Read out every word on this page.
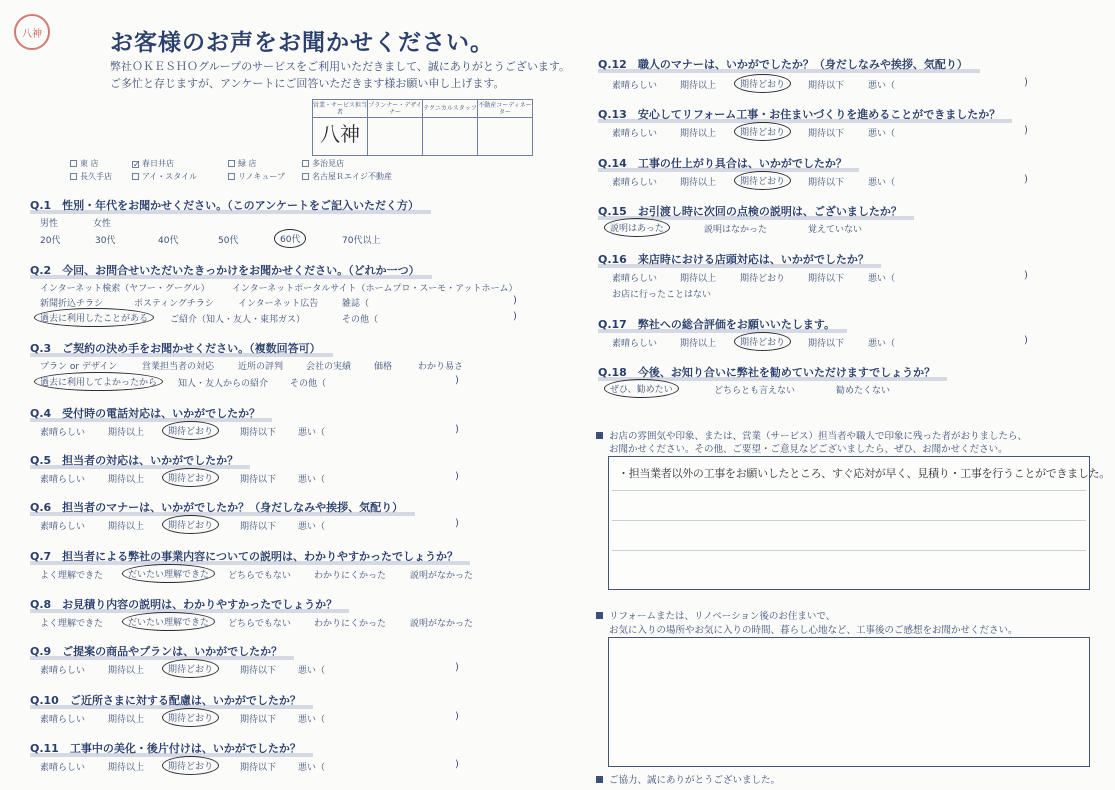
八神	お客様のお声をお聞かせください。
弊社ＯＫＥＳＨＯグループのサービスをご利用いただきまして、誠にありがとうございます。
ご多忙と存じますが、アンケートにご回答いただきます様お願い申し上げます。
営業・サービス担当者	プランナー・デザイナー	テクニカルスタッフ	不動産コーディネーター
八神			
東 店	✓ 春日井店	緑 店	多治見店
長久手店	アイ・スタイル	リノキューブ	名古屋Ｒエイジ不動産
Q.1　性別・年代をお聞かせください。（このアンケートをご記入いただく方）
男性	女性
20代	30代	40代	50代	60代	70代以上
Q.2　今回、お問合せいただいたきっかけをお聞かせください。（どれか一つ）
インターネット検索（ヤフー・グーグル） インターネットポータルサイト（ホームプロ・スーモ・アットホーム）
新聞折込チラシ	ポスティングチラシ	インターネット広告	雑誌（	)
過去に利用したことがある	ご紹介（知人・友人・東邦ガス）	その他（	)
Q.3　ご契約の決め手をお聞かせください。（複数回答可）
プラン or デザイン	営業担当者の対応	近所の評判	会社の実績	価格	わかり易さ
過去に利用してよかったから	知人・友人からの紹介 その他（	)
Q.4　受付時の電話対応は、いかがでしたか？
Q.5　担当者の対応は、いかがでしたか？
Q.6　担当者のマナーは、いかがでしたか？（身だしなみや挨拶、気配り）
Q.9　ご提案の商品やプランは、いかがでしたか？
Q.10　ご近所さまに対する配慮は、いかがでしたか？
Q.11　工事中の美化・後片付けは、いかがでしたか？
素晴らしい	期待以上	期待どおり	期待以下 悪い（	)
素晴らしい	期待以上	期待どおり	期待以下 悪い（	)
素晴らしい	期待以上	期待どおり	期待以下 悪い（	)
素晴らしい	期待以上	期待どおり	期待以下 悪い（	)
素晴らしい	期待以上	期待どおり	期待以下 悪い（	)
素晴らしい	期待以上	期待どおり	期待以下 悪い（	)
Q.7　担当者による弊社の事業内容についての説明は、わかりやすかったでしょうか？
Q.8　お見積り内容の説明は、わかりやすかったでしょうか？
よく理解できた	だいたい理解できた	どちらでもない	わかりにくかった	説明がなかった
よく理解できた	だいたい理解できた	どちらでもない	わかりにくかった	説明がなかった
Q.12　職人のマナーは、いかがでしたか？（身だしなみや挨拶、気配り）
Q.13　安心してリフォーム工事・お住まいづくりを進めることができましたか？
Q.14　工事の仕上がり具合は、いかがでしたか？
Q.15　お引渡し時に次回の点検の説明は、ございましたか？
Q.16　来店時における店頭対応は、いかがでしたか？
Q.17　弊社への総合評価をお願いいたします。
Q.18　今後、お知り合いに弊社を勧めていただけますでしょうか？
素晴らしい	期待以上	期待どおり	期待以下	悪い（	)
素晴らしい	期待以上	期待どおり	期待以下	悪い（	)
素晴らしい	期待以上	期待どおり	期待以下	悪い（	)
素晴らしい	期待以上	期待どおり	期待以下	悪い（	)
素晴らしい	期待以上	期待どおり	期待以下	悪い（	)
説明はあった	説明はなかった	覚えていない
お店に行ったことはない
ぜひ、勧めたい	どちらとも言えない	勧めたくない
お店の雰囲気や印象、または、営業（サービス）担当者や職人で印象に残った者がおりましたら、
お聞かせください。その他、ご要望・ご意見などございましたら、ぜひ、お聞かせください。
・担当業者以外の工事をお願いしたところ、すぐ応対が早く、見積り・工事を行うことができました。
リフォームまたは、リノベーション後のお住まいで、
お気に入りの場所やお気に入りの時間、暮らし心地など、工事後のご感想をお聞かせください。
ご協力、誠にありがとうございました。
